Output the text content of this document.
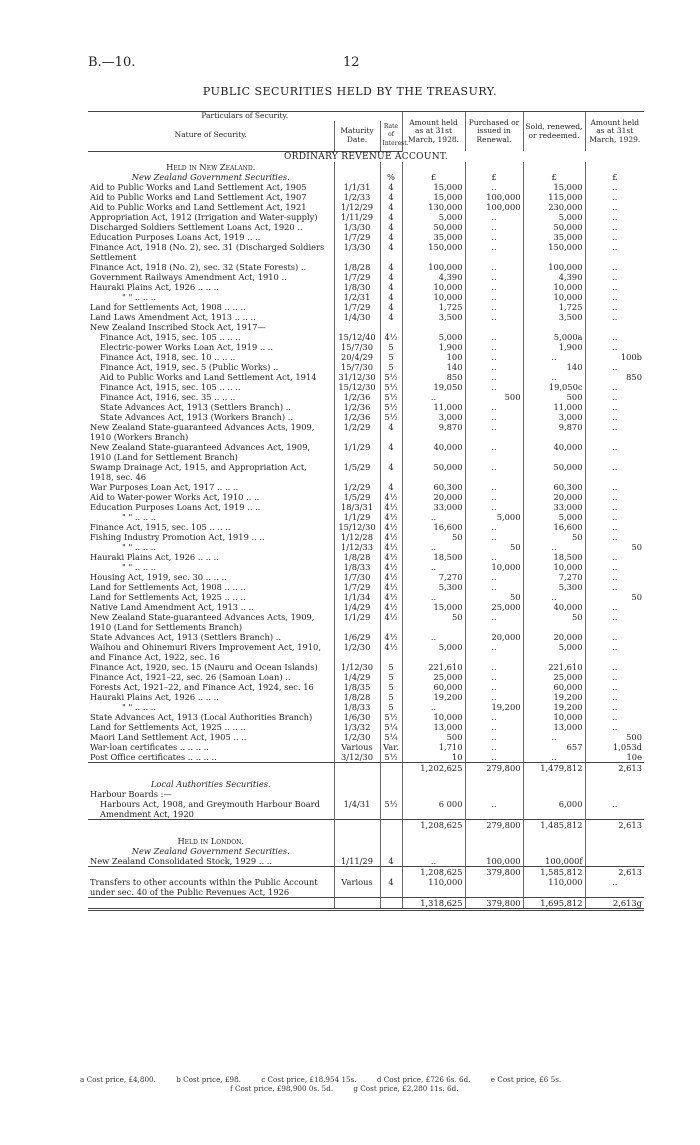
B.—10.	12
PUBLIC SECURITIES HELD BY THE TREASURY.
Particulars of Security.			Amount held as at 31st March, 1928.	Purchased or issued in Renewal.	Sold, renewed, or redeemed.	Amount held as at 31st March, 1929.
Nature of Security.	Maturity Date.	Rate of Interest.				
ORDINARY REVENUE ACCOUNT.						
Held in New Zealand.						
New Zealand Government Securities.		%	£	£	£	£
Aid to Public Works and Land Settlement Act, 1905	1/1/31	4	15,000	..	15,000	..
Aid to Public Works and Land Settlement Act, 1907	1/2/33	4	15,000	100,000	115,000	..
Aid to Public Works and Land Settlement Act, 1921	1/12/29	4	130,000	100,000	230,000	..
Appropriation Act, 1912 (Irrigation and Water-supply)	1/11/29	4	5,000	..	5,000	..
Discharged Soldiers Settlement Loans Act, 1920 ..	1/3/30	4	50,000	..	50,000	..
Education Purposes Loans Act, 1919 .. ..	1/7/29	4	35,000	..	35,000	..
Finance Act, 1918 (No. 2), sec. 31 (Discharged Soldiers Settlement	1/3/30	4	150,000	..	150,000	..
Finance Act, 1918 (No. 2), sec. 32 (State Forests) ..	1/8/28	4	100,000	..	100,000	..
Government Railways Amendment Act, 1910 ..	1/7/29	4	4,390	..	4,390	..
Hauraki Plains Act, 1926 .. .. ..	1/8/30	4	10,000	..	10,000	..
" " .. .. ..	1/2/31	4	10,000	..	10,000	..
Land for Settlements Act, 1908 .. .. ..	1/7/29	4	1,725	..	1,725	..
Land Laws Amendment Act, 1913 .. .. ..	1/4/30	4	3,500	..	3,500	..
New Zealand Inscribed Stock Act, 1917—						
Finance Act, 1915, sec. 105 .. .. ..	15/12/40	4½	5,000	..	5,000a	..
Electric-power Works Loan Act, 1919 .. ..	15/7/30	5	1,900	..	1,900	..
Finance Act, 1918, sec. 10 .. .. ..	20/4/29	5	100	..	..	100b
Finance Act, 1919, sec. 5 (Public Works) ..	15/7/30	5	140	..	140	..
Aid to Public Works and Land Settlement Act, 1914	31/12/30	5½	850	..	..	850
Finance Act, 1915, sec. 105 .. .. ..	15/12/30	5½	19,050	..	19,050c	..
Finance Act, 1916, sec. 35 .. .. ..	1/2/36	5½	..	500	500	..
State Advances Act, 1913 (Settlers Branch) ..	1/2/36	5½	11,000	..	11,000	..
State Advances Act, 1913 (Workers Branch) ..	1/2/36	5½	3,000	..	3,000	..
New Zealand State-guaranteed Advances Acts, 1909, 1910 (Workers Branch)	1/2/29	4	9,870	..	9,870	..
New Zealand State-guaranteed Advances Act, 1909, 1910 (Land for Settlement Branch)	1/1/29	4	40,000	..	40,000	..
Swamp Drainage Act, 1915, and Appropriation Act, 1918, sec. 46	1/5/29	4	50,000	..	50,000	..
War Purposes Loan Act, 1917 .. .. ..	1/2/29	4	60,300	..	60,300	..
Aid to Water-power Works Act, 1910 .. ..	1/5/29	4½	20,000	..	20,000	..
Education Purposes Loans Act, 1919 .. ..	18/3/31	4½	33,000	..	33,000	..
" " .. .. ..	1/1/29	4½	..	5,000	5,000	..
Finance Act, 1915, sec. 105 .. .. ..	15/12/30	4½	16,600	..	16,600	..
Fishing Industry Promotion Act, 1919 .. ..	1/12/28	4½	50	..	50	..
" " .. .. ..	1/12/33	4½	..	50	..	50
Hauraki Plains Act, 1926 .. .. ..	1/8/28	4½	18,500	..	18,500	..
" " .. .. ..	1/8/33	4½	..	10,000	10,000	..
Housing Act, 1919, sec. 30 .. .. ..	1/7/30	4½	7,270	..	7,270	..
Land for Settlements Act, 1908 .. .. ..	1/7/29	4½	5,300	..	5,300	..
Land for Settlements Act, 1925 .. .. ..	1/1/34	4½	..	50	..	50
Native Land Amendment Act, 1913 .. ..	1/4/29	4½	15,000	25,000	40,000	..
New Zealand State-guaranteed Advances Acts, 1909, 1910 (Land for Settlements Branch)	1/1/29	4½	50	..	50	..
State Advances Act, 1913 (Settlers Branch) ..	1/6/29	4½	..	20,000	20,000	..
Waihou and Ohinemuri Rivers Improvement Act, 1910, and Finance Act, 1922, sec. 16	1/2/30	4½	5,000	..	5,000	..
Finance Act, 1920, sec. 15 (Nauru and Ocean Islands)	1/12/30	5	221,610	..	221,610	..
Finance Act, 1921–22, sec. 26 (Samoan Loan) ..	1/4/29	5	25,000	..	25,000	..
Forests Act, 1921–22, and Finance Act, 1924, sec. 16	1/8/35	5	60,000	..	60,000	..
Hauraki Plains Act, 1926 .. .. ..	1/8/28	5	19,200	..	19,200	..
" " .. .. ..	1/8/33	5	..	19,200	19,200	..
State Advances Act, 1913 (Local Authorities Branch)	1/6/30	5½	10,000	..	10,000	..
Land for Settlements Act, 1925 .. .. ..	1/3/32	5¼	13,000	..	13,000	..
Maori Land Settlement Act, 1905 .. ..	1/2/30	5¼	500	..	..	500
War-loan certificates .. .. .. ..	Various	Var.	1,710	..	657	1,053d
Post Office certificates .. .. .. ..	3/12/30	5½	10	..	..	10e
			1,202,625	279,800	1,479,812	2,613

Local Authorities Securities.						
Harbour Boards :—						
Harbours Act, 1908, and Greymouth Harbour Board Amendment Act, 1920	1/4/31	5½	6 000	..	6,000	..
			1,208,625	279,800	1,485,812	2,613

Held in London.						
New Zealand Government Securities.						
New Zealand Consolidated Stock, 1929 .. ..	1/11/29	4	..	100,000	100,000f	
			1,208,625	379,800	1,585,812	2,613
Transfers to other accounts within the Public Account under sec. 40 of the Public Revenues Act, 1926	Various	4	110,000		110,000	..
			1,318,625	379,800	1,695,812	2,613g
a Cost price, £4,800.	b Cost price, £98.	c Cost price, £18,954 15s.	d Cost price, £726 6s. 6d.	e Cost price, £6 5s.
f Cost price, £98,900 0s. 5d.	g Cost price, £2,280 11s. 6d.
